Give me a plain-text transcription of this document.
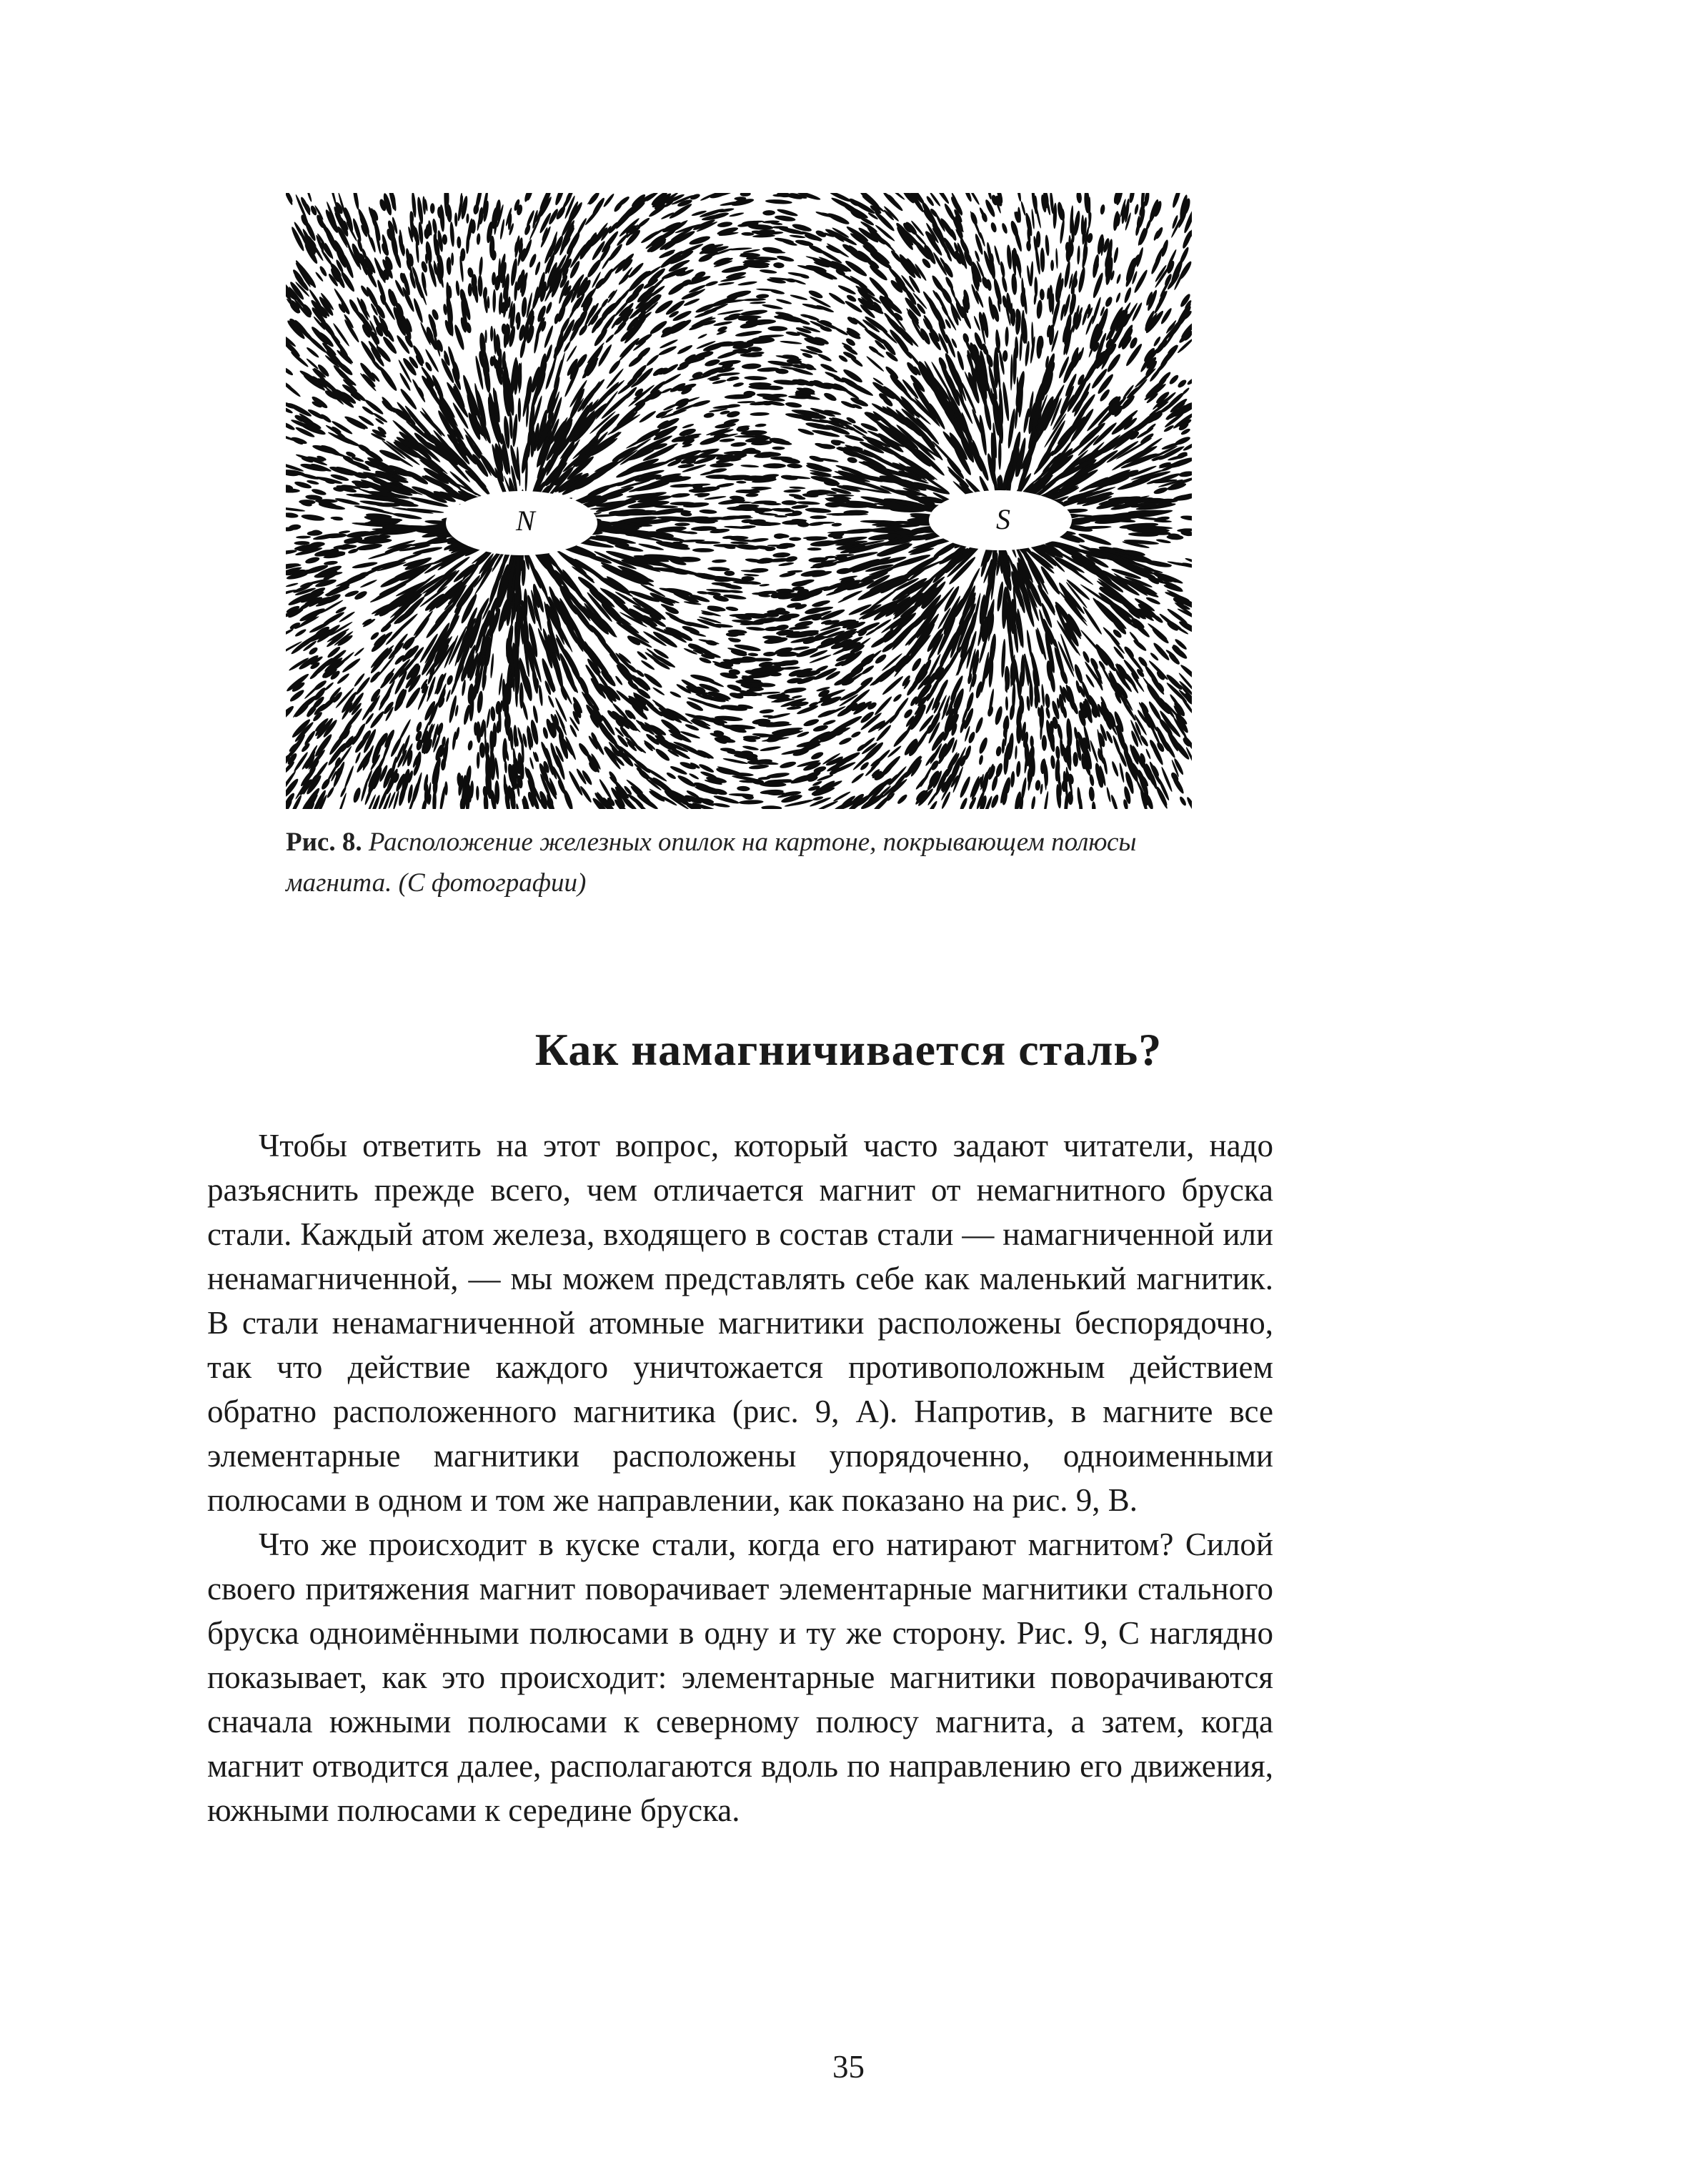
N	S
Рис. 8. Расположение железных опилок на картоне, покрывающем полюсы магнита. (С фотографии)
Как намагничивается сталь?

Чтобы ответить на этот вопрос, который часто задают читатели, надо разъяснить прежде всего, чем отличается магнит от немагнитного бруска стали. Каждый атом железа, входящего в состав стали — намагниченной или ненамагниченной, — мы можем представлять себе как маленький магнитик. В стали ненамагниченной атомные магнитики расположены беспорядочно, так что действие каждого уничтожается противоположным действием обратно расположенного магнитика (рис. 9, А). Напротив, в магните все элементарные магнитики расположены упорядоченно, одноименными полюсами в одном и том же направлении, как показано на рис. 9, В.

Что же происходит в куске стали, когда его натирают магнитом? Силой своего притяжения магнит поворачивает элементарные магнитики стального бруска одноимёнными полюсами в одну и ту же сторону. Рис. 9, С наглядно показывает, как это происходит: элементарные магнитики поворачиваются сначала южными полюсами к северному полюсу магнита, а затем, когда магнит отводится далее, располагаются вдоль по направлению его движения, южными полюсами к середине бруска.

35
